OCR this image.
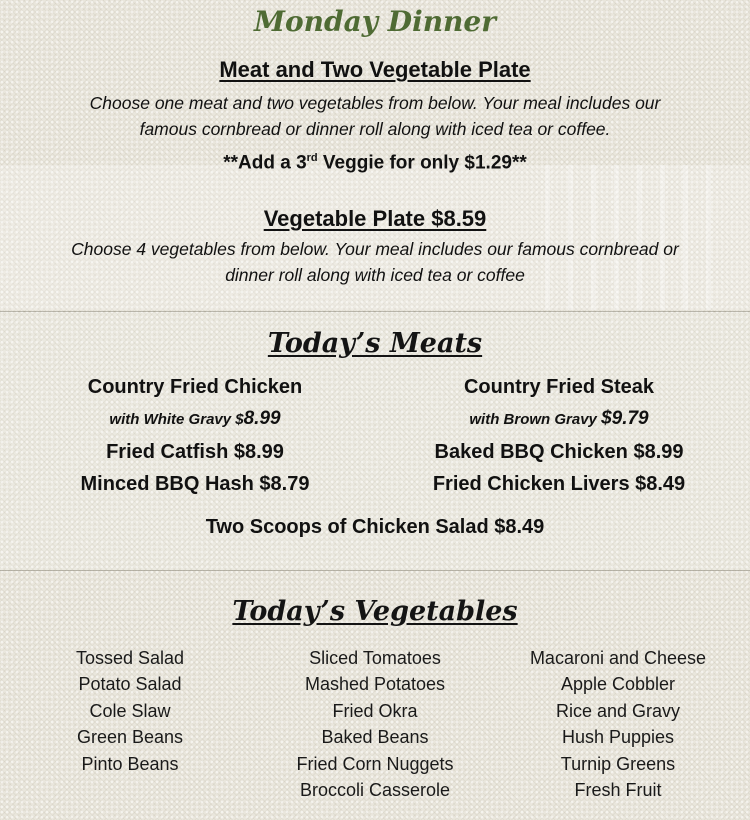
Monday Dinner
Meat and Two Vegetable Plate
Choose one meat and two vegetables from below. Your meal includes our
famous cornbread or dinner roll along with iced tea or coffee.
**Add a 3rd Veggie for only $1.29**
Vegetable Plate $8.59
Choose 4 vegetables from below. Your meal includes our famous cornbread or
dinner roll along with iced tea or coffee
Today’s Meats
Country Fried Chicken
with White Gravy $8.99
Fried Catfish $8.99
Minced BBQ Hash $8.79
Country Fried Steak
with Brown Gravy $9.79
Baked BBQ Chicken $8.99
Fried Chicken Livers $8.49
Two Scoops of Chicken Salad $8.49
Today’s Vegetables
Tossed Salad
Potato Salad
Cole Slaw
Green Beans
Pinto Beans
Sliced Tomatoes
Mashed Potatoes
Fried Okra
Baked Beans
Fried Corn Nuggets
Broccoli Casserole
Macaroni and Cheese
Apple Cobbler
Rice and Gravy
Hush Puppies
Turnip Greens
Fresh Fruit
